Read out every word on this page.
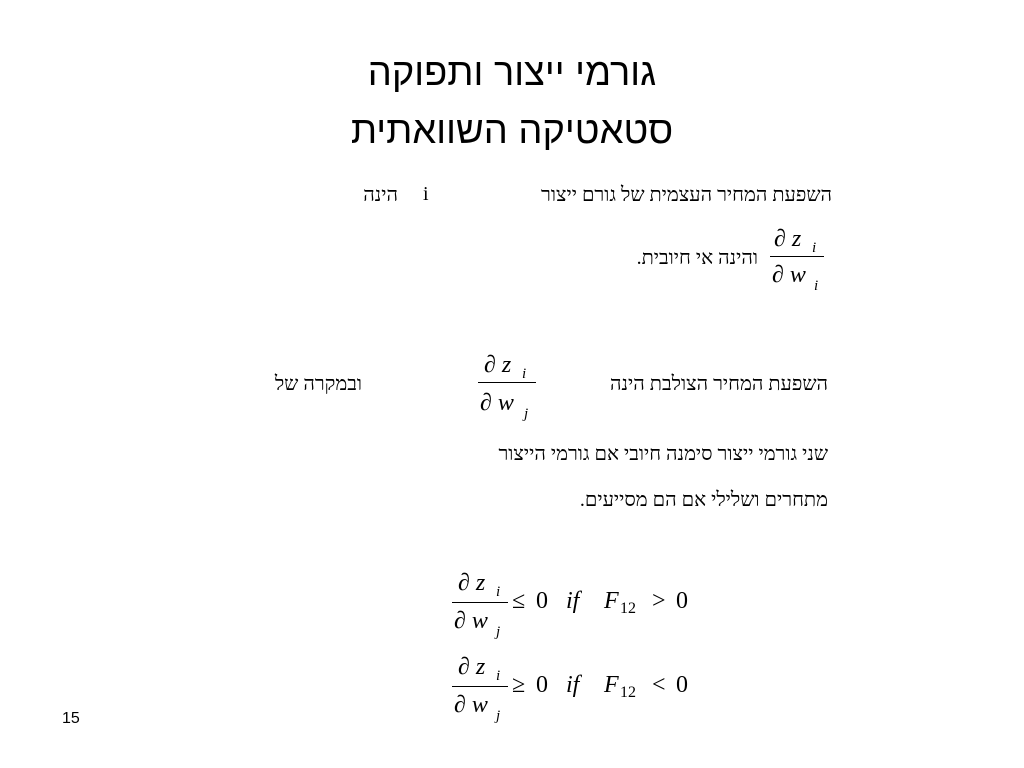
גורמי ייצור ותפוקה
סטאטיקה השוואתית
השפעת המחיר העצמית של גורם ייצור
i
הינה
∂ z i
∂ w i
והינה אי חיובית.
השפעת המחיר הצולבת הינה
∂ z i
∂ w j
ובמקרה של
שני גורמי ייצור סימנה חיובי אם גורמי הייצור
מתחרים ושלילי אם הם מסייעים.
∂ z i
∂ w j
≤ 0 if F 12 > 0
∂ z i
∂ w j
≥ 0 if F 12 < 0
15
